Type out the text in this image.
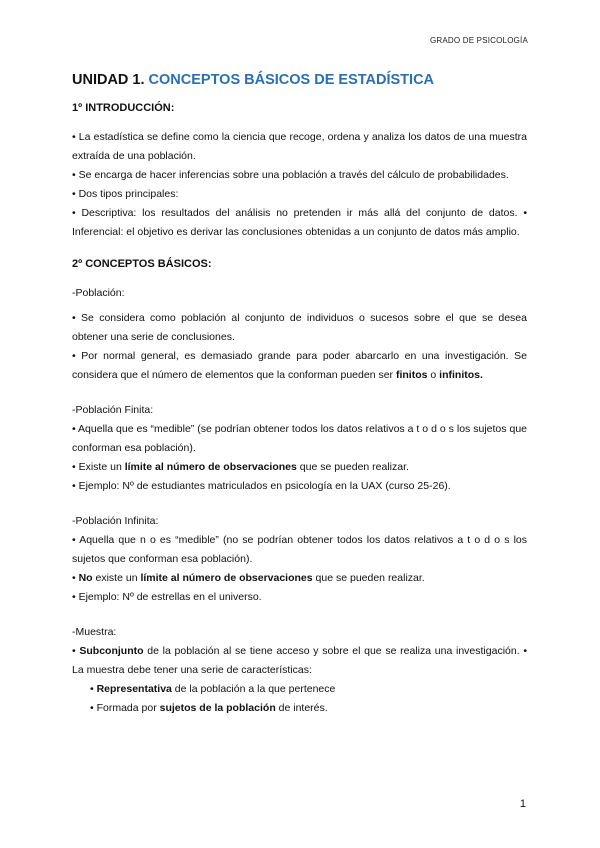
GRADO DE PSICOLOGÍA
UNIDAD 1. CONCEPTOS BÁSICOS DE ESTADÍSTICA
1º INTRODUCCIÓN:

• La estadística se define como la ciencia que recoge, ordena y analiza los datos de una muestra extraída de una población.

• Se encarga de hacer inferencias sobre una población a través del cálculo de probabilidades.

• Dos tipos principales:

• Descriptiva: los resultados del análisis no pretenden ir más allá del conjunto de datos. • Inferencial: el objetivo es derivar las conclusiones obtenidas a un conjunto de datos más amplio.

2º CONCEPTOS BÁSICOS:

-Población:

• Se considera como población al conjunto de individuos o sucesos sobre el que se desea obtener una serie de conclusiones.

• Por normal general, es demasiado grande para poder abarcarlo en una investigación. Se considera que el número de elementos que la conforman pueden ser finitos o infinitos.

-Población Finita:

• Aquella que es “medible” (se podrían obtener todos los datos relativos a t o d o s los sujetos que conforman esa población).

• Existe un límite al número de observaciones que se pueden realizar.

• Ejemplo: Nº de estudiantes matriculados en psicología en la UAX (curso 25-26).

-Población Infinita:

• Aquella que n o es “medible” (no se podrían obtener todos los datos relativos a t o d o s los sujetos que conforman esa población).

• No existe un límite al número de observaciones que se pueden realizar.

• Ejemplo: Nº de estrellas en el universo.

-Muestra:

• Subconjunto de la población al se tiene acceso y sobre el que se realiza una investigación. • La muestra debe tener una serie de características:

• Representativa de la población a la que pertenece

• Formada por sujetos de la población de interés.

1
